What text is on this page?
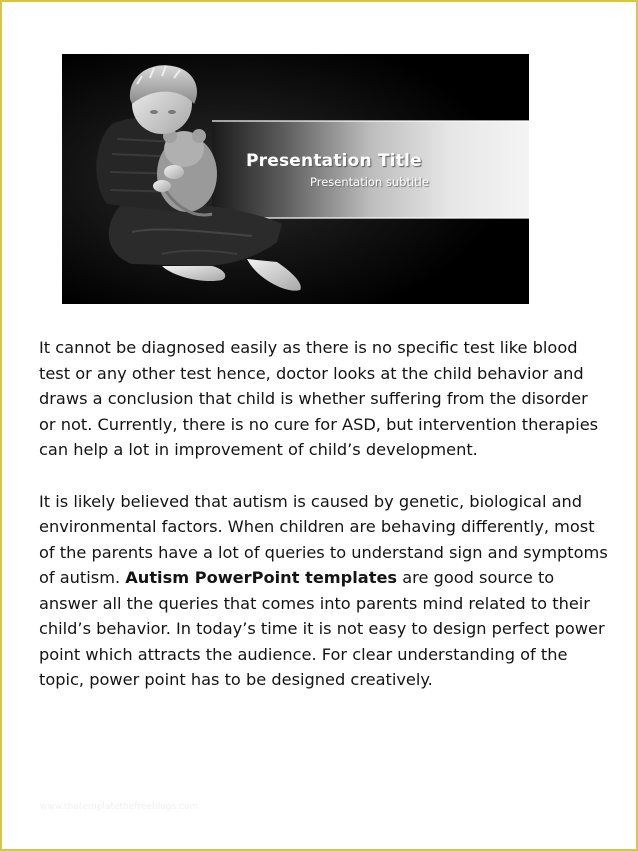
Presentation Title
Presentation subtitle

It cannot be diagnosed easily as there is no specific test like blood test or any other test hence, doctor looks at the child behavior and draws a conclusion that child is whether suffering from the disorder or not. Currently, there is no cure for ASD, but intervention therapies can help a lot in improvement of child’s development.

It is likely believed that autism is caused by genetic, biological and environmental factors. When children are behaving differently, most of the parents have a lot of queries to understand sign and symptoms of autism. Autism PowerPoint templates are good source to answer all the queries that comes into parents mind related to their child’s behavior. In today’s time it is not easy to design perfect power point which attracts the audience. For clear understanding of the topic, power point has to be designed creatively.

www.thetemplatethefreeblogs.com
